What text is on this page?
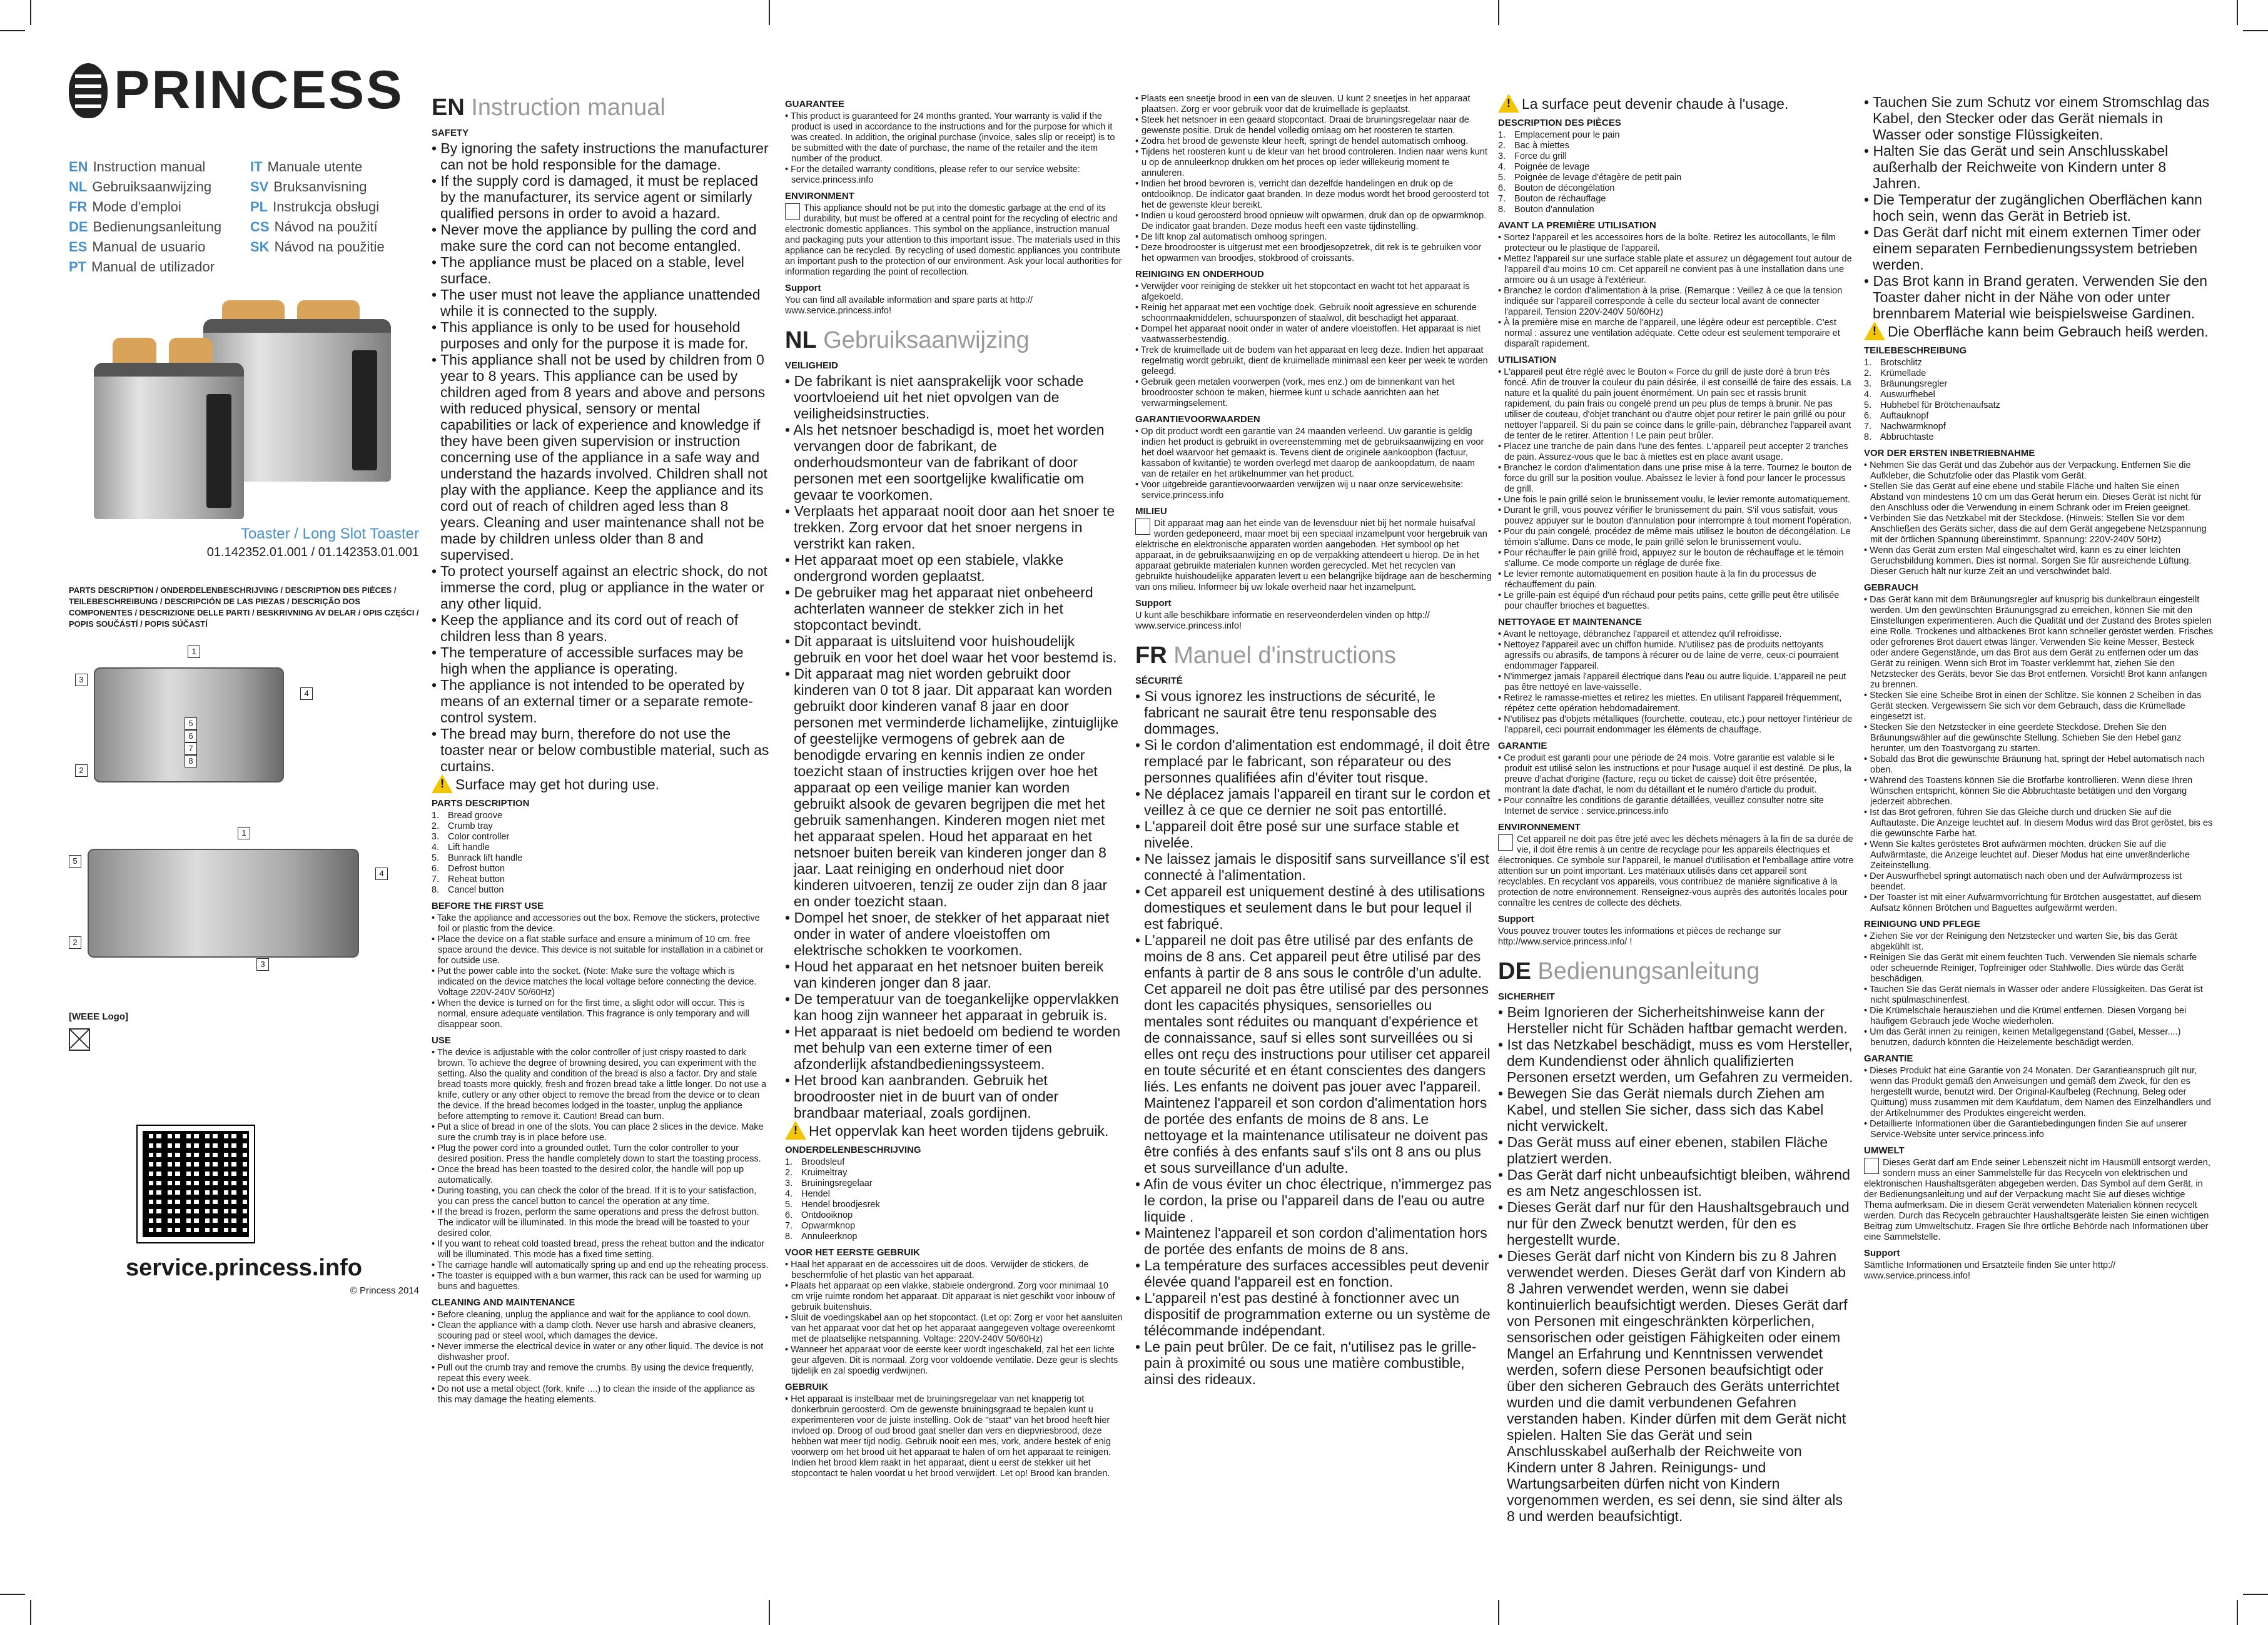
PRINCESS
EN Instruction manual	IT Manuale utente
NL Gebruiksaanwijzing	SV Bruksanvisning
FR Mode d'emploi	PL Instrukcja obsługi
DE Bedienungsanleitung	CS Návod na použití
ES Manual de usuario	SK Návod na použitie
PT Manual de utilizador
Toaster / Long Slot Toaster
01.142352.01.001 / 01.142353.01.001
PARTS DESCRIPTION / ONDERDELENBESCHRIJVING / DESCRIPTION DES PIÈCES / TEILEBESCHREIBUNG / DESCRIPCIÓN DE LAS PIEZAS / DESCRIÇÃO DOS COMPONENTES / DESCRIZIONE DELLE PARTI / BESKRIVNING AV DELAR / OPIS CZĘŚCI / POPIS SOUČÁSTÍ / POPIS SÚČASTÍ
1
3
4
2
5
6
7
8
1
5
4
2
3
[WEEE Logo]
service.princess.info
© Princess 2014
EN Instruction manual
SAFETY
• By ignoring the safety instructions the manufacturer can not be hold responsible for the damage.
• If the supply cord is damaged, it must be replaced by the manufacturer, its service agent or similarly qualified persons in order to avoid a hazard.
• Never move the appliance by pulling the cord and make sure the cord can not become entangled.
• The appliance must be placed on a stable, level surface.
• The user must not leave the appliance unattended while it is connected to the supply.
• This appliance is only to be used for household purposes and only for the purpose it is made for.
• This appliance shall not be used by children from 0 year to 8 years. This appliance can be used by children aged from 8 years and above and persons with reduced physical, sensory or mental capabilities or lack of experience and knowledge if they have been given supervision or instruction concerning use of the appliance in a safe way and understand the hazards involved. Children shall not play with the appliance. Keep the appliance and its cord out of reach of children aged less than 8 years. Cleaning and user maintenance shall not be made by children unless older than 8 and supervised.
• To protect yourself against an electric shock, do not immerse the cord, plug or appliance in the water or any other liquid.
• Keep the appliance and its cord out of reach of children less than 8 years.
• The temperature of accessible surfaces may be high when the appliance is operating.
• The appliance is not intended to be operated by means of an external timer or a separate remote-control system.
• The bread may burn, therefore do not use the toaster near or below combustible material, such as curtains.
!
Surface may get hot during use.
PARTS DESCRIPTION
1. Bread groove
2. Crumb tray
3. Color controller
4. Lift handle
5. Bunrack lift handle
6. Defrost button
7. Reheat button
8. Cancel button
BEFORE THE FIRST USE
• Take the appliance and accessories out the box. Remove the stickers, protective foil or plastic from the device.
• Place the device on a flat stable surface and ensure a minimum of 10 cm. free space around the device. This device is not suitable for installation in a cabinet or for outside use.
• Put the power cable into the socket. (Note: Make sure the voltage which is indicated on the device matches the local voltage before connecting the device. Voltage 220V-240V 50/60Hz)
• When the device is turned on for the first time, a slight odor will occur. This is normal, ensure adequate ventilation. This fragrance is only temporary and will disappear soon.
USE
• The device is adjustable with the color controller of just crispy roasted to dark brown. To achieve the degree of browning desired, you can experiment with the setting. Also the quality and condition of the bread is also a factor. Dry and stale bread toasts more quickly, fresh and frozen bread take a little longer. Do not use a knife, cutlery or any other object to remove the bread from the device or to clean the device. If the bread becomes lodged in the toaster, unplug the appliance before attempting to remove it. Caution! Bread can burn.
• Put a slice of bread in one of the slots. You can place 2 slices in the device. Make sure the crumb tray is in place before use.
• Plug the power cord into a grounded outlet. Turn the color controller to your desired position. Press the handle completely down to start the toasting process.
• Once the bread has been toasted to the desired color, the handle will pop up automatically.
• During toasting, you can check the color of the bread. If it is to your satisfaction, you can press the cancel button to cancel the operation at any time.
• If the bread is frozen, perform the same operations and press the defrost button. The indicator will be illuminated. In this mode the bread will be toasted to your desired color.
• If you want to reheat cold toasted bread, press the reheat button and the indicator will be illuminated. This mode has a fixed time setting.
• The carriage handle will automatically spring up and end up the reheating process.
• The toaster is equipped with a bun warmer, this rack can be used for warming up buns and baguettes.
CLEANING AND MAINTENANCE
• Before cleaning, unplug the appliance and wait for the appliance to cool down.
• Clean the appliance with a damp cloth. Never use harsh and abrasive cleaners, scouring pad or steel wool, which damages the device.
• Never immerse the electrical device in water or any other liquid. The device is not dishwasher proof.
• Pull out the crumb tray and remove the crumbs. By using the device frequently, repeat this every week.
• Do not use a metal object (fork, knife ....) to clean the inside of the appliance as this may damage the heating elements.
GUARANTEE
• This product is guaranteed for 24 months granted. Your warranty is valid if the product is used in accordance to the instructions and for the purpose for which it was created. In addition, the original purchase (invoice, sales slip or receipt) is to be submitted with the date of purchase, the name of the retailer and the item number of the product.
• For the detailed warranty conditions, please refer to our service website: service.princess.info
ENVIRONMENT

This appliance should not be put into the domestic garbage at the end of its durability, but must be offered at a central point for the recycling of electric and electronic domestic appliances. This symbol on the appliance, instruction manual and packaging puts your attention to this important issue. The materials used in this appliance can be recycled. By recycling of used domestic appliances you contribute an important push to the protection of our environment. Ask your local authorities for information regarding the point of recollection.

Support

You can find all available information and spare parts at http:// www.service.princess.info!

NL Gebruiksaanwijzing
VEILIGHEID
• De fabrikant is niet aansprakelijk voor schade voortvloeiend uit het niet opvolgen van de veiligheidsinstructies.
• Als het netsnoer beschadigd is, moet het worden vervangen door de fabrikant, de onderhoudsmonteur van de fabrikant of door personen met een soortgelijke kwalificatie om gevaar te voorkomen.
• Verplaats het apparaat nooit door aan het snoer te trekken. Zorg ervoor dat het snoer nergens in verstrikt kan raken.
• Het apparaat moet op een stabiele, vlakke ondergrond worden geplaatst.
• De gebruiker mag het apparaat niet onbeheerd achterlaten wanneer de stekker zich in het stopcontact bevindt.
• Dit apparaat is uitsluitend voor huishoudelijk gebruik en voor het doel waar het voor bestemd is.
• Dit apparaat mag niet worden gebruikt door kinderen van 0 tot 8 jaar. Dit apparaat kan worden gebruikt door kinderen vanaf 8 jaar en door personen met verminderde lichamelijke, zintuiglijke of geestelijke vermogens of gebrek aan de benodigde ervaring en kennis indien ze onder toezicht staan of instructies krijgen over hoe het apparaat op een veilige manier kan worden gebruikt alsook de gevaren begrijpen die met het gebruik samenhangen. Kinderen mogen niet met het apparaat spelen. Houd het apparaat en het netsnoer buiten bereik van kinderen jonger dan 8 jaar. Laat reiniging en onderhoud niet door kinderen uitvoeren, tenzij ze ouder zijn dan 8 jaar en onder toezicht staan.
• Dompel het snoer, de stekker of het apparaat niet onder in water of andere vloeistoffen om elektrische schokken te voorkomen.
• Houd het apparaat en het netsnoer buiten bereik van kinderen jonger dan 8 jaar.
• De temperatuur van de toegankelijke oppervlakken kan hoog zijn wanneer het apparaat in gebruik is.
• Het apparaat is niet bedoeld om bediend te worden met behulp van een externe timer of een afzonderlijk afstandbedieningssysteem.
• Het brood kan aanbranden. Gebruik het broodrooster niet in de buurt van of onder brandbaar materiaal, zoals gordijnen.
!
Het oppervlak kan heet worden tijdens gebruik.
ONDERDELENBESCHRIJVING
1. Broodsleuf
2. Kruimeltray
3. Bruiningsregelaar
4. Hendel
5. Hendel broodjesrek
6. Ontdooiknop
7. Opwarmknop
8. Annuleerknop
VOOR HET EERSTE GEBRUIK
• Haal het apparaat en de accessoires uit de doos. Verwijder de stickers, de beschermfolie of het plastic van het apparaat.
• Plaats het apparaat op een vlakke, stabiele ondergrond. Zorg voor minimaal 10 cm vrije ruimte rondom het apparaat. Dit apparaat is niet geschikt voor inbouw of gebruik buitenshuis.
• Sluit de voedingskabel aan op het stopcontact. (Let op: Zorg er voor het aansluiten van het apparaat voor dat het op het apparaat aangegeven voltage overeenkomt met de plaatselijke netspanning. Voltage: 220V-240V 50/60Hz)
• Wanneer het apparaat voor de eerste keer wordt ingeschakeld, zal het een lichte geur afgeven. Dit is normaal. Zorg voor voldoende ventilatie. Deze geur is slechts tijdelijk en zal spoedig verdwijnen.
GEBRUIK
• Het apparaat is instelbaar met de bruiningsregelaar van net knapperig tot donkerbruin geroosterd. Om de gewenste bruiningsgraad te bepalen kunt u experimenteren voor de juiste instelling. Ook de "staat" van het brood heeft hier invloed op. Droog of oud brood gaat sneller dan vers en diepvriesbrood, deze hebben wat meer tijd nodig. Gebruik nooit een mes, vork, andere bestek of enig voorwerp om het brood uit het apparaat te halen of om het apparaat te reinigen. Indien het brood klem raakt in het apparaat, dient u eerst de stekker uit het stopcontact te halen voordat u het brood verwijdert. Let op! Brood kan branden.
• Plaats een sneetje brood in een van de sleuven. U kunt 2 sneetjes in het apparaat plaatsen. Zorg er voor gebruik voor dat de kruimellade is geplaatst.
• Steek het netsnoer in een geaard stopcontact. Draai de bruiningsregelaar naar de gewenste positie. Druk de hendel volledig omlaag om het roosteren te starten.
• Zodra het brood de gewenste kleur heeft, springt de hendel automatisch omhoog.
• Tijdens het roosteren kunt u de kleur van het brood controleren. Indien naar wens kunt u op de annuleerknop drukken om het proces op ieder willekeurig moment te annuleren.
• Indien het brood bevroren is, verricht dan dezelfde handelingen en druk op de ontdooiknop. De indicator gaat branden. In deze modus wordt het brood geroosterd tot het de gewenste kleur bereikt.
• Indien u koud geroosterd brood opnieuw wilt opwarmen, druk dan op de opwarmknop. De indicator gaat branden. Deze modus heeft een vaste tijdinstelling.
• De lift knop zal automatisch omhoog springen.
• Deze broodrooster is uitgerust met een broodjesopzetrek, dit rek is te gebruiken voor het opwarmen van broodjes, stokbrood of croissants.
REINIGING EN ONDERHOUD
• Verwijder voor reiniging de stekker uit het stopcontact en wacht tot het apparaat is afgekoeld.
• Reinig het apparaat met een vochtige doek. Gebruik nooit agressieve en schurende schoonmaakmiddelen, schuursponzen of staalwol, dit beschadigt het apparaat.
• Dompel het apparaat nooit onder in water of andere vloeistoffen. Het apparaat is niet vaatwasserbestendig.
• Trek de kruimellade uit de bodem van het apparaat en leeg deze. Indien het apparaat regelmatig wordt gebruikt, dient de kruimellade minimaal een keer per week te worden geleegd.
• Gebruik geen metalen voorwerpen (vork, mes enz.) om de binnenkant van het broodrooster schoon te maken, hiermee kunt u schade aanrichten aan het verwarmingselement.
GARANTIEVOORWAARDEN
• Op dit product wordt een garantie van 24 maanden verleend. Uw garantie is geldig indien het product is gebruikt in overeenstemming met de gebruiksaanwijzing en voor het doel waarvoor het gemaakt is. Tevens dient de originele aankoopbon (factuur, kassabon of kwitantie) te worden overlegd met daarop de aankoopdatum, de naam van de retailer en het artikelnummer van het product.
• Voor uitgebreide garantievoorwaarden verwijzen wij u naar onze servicewebsite: service.princess.info
MILIEU

Dit apparaat mag aan het einde van de levensduur niet bij het normale huisafval worden gedeponeerd, maar moet bij een speciaal inzamelpunt voor hergebruik van elektrische en elektronische apparaten worden aangeboden. Het symbool op het apparaat, in de gebruiksaanwijzing en op de verpakking attendeert u hierop. De in het apparaat gebruikte materialen kunnen worden gerecycled. Met het recyclen van gebruikte huishoudelijke apparaten levert u een belangrijke bijdrage aan de bescherming van ons milieu. Informeer bij uw lokale overheid naar het inzamelpunt.

Support

U kunt alle beschikbare informatie en reserveonderdelen vinden op http:// www.service.princess.info!

FR Manuel d'instructions
SÉCURITÉ
• Si vous ignorez les instructions de sécurité, le fabricant ne saurait être tenu responsable des dommages.
• Si le cordon d'alimentation est endommagé, il doit être remplacé par le fabricant, son réparateur ou des personnes qualifiées afin d'éviter tout risque.
• Ne déplacez jamais l'appareil en tirant sur le cordon et veillez à ce que ce dernier ne soit pas entortillé.
• L'appareil doit être posé sur une surface stable et nivelée.
• Ne laissez jamais le dispositif sans surveillance s'il est connecté à l'alimentation.
• Cet appareil est uniquement destiné à des utilisations domestiques et seulement dans le but pour lequel il est fabriqué.
• L'appareil ne doit pas être utilisé par des enfants de moins de 8 ans. Cet appareil peut être utilisé par des enfants à partir de 8 ans sous le contrôle d'un adulte. Cet appareil ne doit pas être utilisé par des personnes dont les capacités physiques, sensorielles ou mentales sont réduites ou manquant d'expérience et de connaissance, sauf si elles sont surveillées ou si elles ont reçu des instructions pour utiliser cet appareil en toute sécurité et en étant conscientes des dangers liés. Les enfants ne doivent pas jouer avec l'appareil. Maintenez l'appareil et son cordon d'alimentation hors de portée des enfants de moins de 8 ans. Le nettoyage et la maintenance utilisateur ne doivent pas être confiés à des enfants sauf s'ils ont 8 ans ou plus et sous surveillance d'un adulte.
• Afin de vous éviter un choc électrique, n'immergez pas le cordon, la prise ou l'appareil dans de l'eau ou autre liquide .
• Maintenez l'appareil et son cordon d'alimentation hors de portée des enfants de moins de 8 ans.
• La température des surfaces accessibles peut devenir élevée quand l'appareil est en fonction.
• L'appareil n'est pas destiné à fonctionner avec un dispositif de programmation externe ou un système de télécommande indépendant.
• Le pain peut brûler. De ce fait, n'utilisez pas le grille-pain à proximité ou sous une matière combustible, ainsi des rideaux.
!
La surface peut devenir chaude à l'usage.
DESCRIPTION DES PIÈCES
1. Emplacement pour le pain
2. Bac à miettes
3. Force du grill
4. Poignée de levage
5. Poignée de levage d'étagère de petit pain
6. Bouton de décongélation
7. Bouton de réchauffage
8. Bouton d'annulation
AVANT LA PREMIÈRE UTILISATION
• Sortez l'appareil et les accessoires hors de la boîte. Retirez les autocollants, le film protecteur ou le plastique de l'appareil.
• Mettez l'appareil sur une surface stable plate et assurez un dégagement tout autour de l'appareil d'au moins 10 cm. Cet appareil ne convient pas à une installation dans une armoire ou à un usage à l'extérieur.
• Branchez le cordon d'alimentation à la prise. (Remarque : Veillez à ce que la tension indiquée sur l'appareil corresponde à celle du secteur local avant de connecter l'appareil. Tension 220V-240V 50/60Hz)
• À la première mise en marche de l'appareil, une légère odeur est perceptible. C'est normal : assurez une ventilation adéquate. Cette odeur est seulement temporaire et disparaît rapidement.
UTILISATION
• L'appareil peut être réglé avec le Bouton « Force du grill de juste doré à brun très foncé. Afin de trouver la couleur du pain désirée, il est conseillé de faire des essais. La nature et la qualité du pain jouent énormément. Un pain sec et rassis brunit rapidement, du pain frais ou congelé prend un peu plus de temps à brunir. Ne pas utiliser de couteau, d'objet tranchant ou d'autre objet pour retirer le pain grillé ou pour nettoyer l'appareil. Si du pain se coince dans le grille-pain, débranchez l'appareil avant de tenter de le retirer. Attention ! Le pain peut brûler.
• Placez une tranche de pain dans l'une des fentes. L'appareil peut accepter 2 tranches de pain. Assurez-vous que le bac à miettes est en place avant usage.
• Branchez le cordon d'alimentation dans une prise mise à la terre. Tournez le bouton de force du grill sur la position voulue. Abaissez le levier à fond pour lancer le processus de grill.
• Une fois le pain grillé selon le brunissement voulu, le levier remonte automatiquement.
• Durant le grill, vous pouvez vérifier le brunissement du pain. S'il vous satisfait, vous pouvez appuyer sur le bouton d'annulation pour interrompre à tout moment l'opération.
• Pour du pain congelé, procédez de même mais utilisez le bouton de décongélation. Le témoin s'allume. Dans ce mode, le pain grillé selon le brunissement voulu.
• Pour réchauffer le pain grillé froid, appuyez sur le bouton de réchauffage et le témoin s'allume. Ce mode comporte un réglage de durée fixe.
• Le levier remonte automatiquement en position haute à la fin du processus de réchauffement du pain.
• Le grille-pain est équipé d'un réchaud pour petits pains, cette grille peut être utilisée pour chauffer brioches et baguettes.
NETTOYAGE ET MAINTENANCE
• Avant le nettoyage, débranchez l'appareil et attendez qu'il refroidisse.
• Nettoyez l'appareil avec un chiffon humide. N'utilisez pas de produits nettoyants agressifs ou abrasifs, de tampons à récurer ou de laine de verre, ceux-ci pourraient endommager l'appareil.
• N'immergez jamais l'appareil électrique dans l'eau ou autre liquide. L'appareil ne peut pas être nettoyé en lave-vaisselle.
• Retirez le ramasse-miettes et retirez les miettes. En utilisant l'appareil fréquemment, répétez cette opération hebdomadairement.
• N'utilisez pas d'objets métalliques (fourchette, couteau, etc.) pour nettoyer l'intérieur de l'appareil, ceci pourrait endommager les éléments de chauffage.
GARANTIE
• Ce produit est garanti pour une période de 24 mois. Votre garantie est valable si le produit est utilisé selon les instructions et pour l'usage auquel il est destiné. De plus, la preuve d'achat d'origine (facture, reçu ou ticket de caisse) doit être présentée, montrant la date d'achat, le nom du détaillant et le numéro d'article du produit.
• Pour connaître les conditions de garantie détaillées, veuillez consulter notre site Internet de service : service.princess.info
ENVIRONNEMENT

Cet appareil ne doit pas être jeté avec les déchets ménagers à la fin de sa durée de vie, il doit être remis à un centre de recyclage pour les appareils électriques et électroniques. Ce symbole sur l'appareil, le manuel d'utilisation et l'emballage attire votre attention sur un point important. Les matériaux utilisés dans cet appareil sont recyclables. En recyclant vos appareils, vous contribuez de manière significative à la protection de notre environnement. Renseignez-vous auprès des autorités locales pour connaître les centres de collecte des déchets.

Support

Vous pouvez trouver toutes les informations et pièces de rechange sur http://www.service.princess.info/ !

DE Bedienungsanleitung
SICHERHEIT
• Beim Ignorieren der Sicherheitshinweise kann der Hersteller nicht für Schäden haftbar gemacht werden.
• Ist das Netzkabel beschädigt, muss es vom Hersteller, dem Kundendienst oder ähnlich qualifizierten Personen ersetzt werden, um Gefahren zu vermeiden.
• Bewegen Sie das Gerät niemals durch Ziehen am Kabel, und stellen Sie sicher, dass sich das Kabel nicht verwickelt.
• Das Gerät muss auf einer ebenen, stabilen Fläche platziert werden.
• Das Gerät darf nicht unbeaufsichtigt bleiben, während es am Netz angeschlossen ist.
• Dieses Gerät darf nur für den Haushaltsgebrauch und nur für den Zweck benutzt werden, für den es hergestellt wurde.
• Dieses Gerät darf nicht von Kindern bis zu 8 Jahren verwendet werden. Dieses Gerät darf von Kindern ab 8 Jahren verwendet werden, wenn sie dabei kontinuierlich beaufsichtigt werden. Dieses Gerät darf von Personen mit eingeschränkten körperlichen, sensorischen oder geistigen Fähigkeiten oder einem Mangel an Erfahrung und Kenntnissen verwendet werden, sofern diese Personen beaufsichtigt oder über den sicheren Gebrauch des Geräts unterrichtet wurden und die damit verbundenen Gefahren verstanden haben. Kinder dürfen mit dem Gerät nicht spielen. Halten Sie das Gerät und sein Anschlusskabel außerhalb der Reichweite von Kindern unter 8 Jahren. Reinigungs- und Wartungsarbeiten dürfen nicht von Kindern vorgenommen werden, es sei denn, sie sind älter als 8 und werden beaufsichtigt.
• Tauchen Sie zum Schutz vor einem Stromschlag das Kabel, den Stecker oder das Gerät niemals in Wasser oder sonstige Flüssigkeiten.
• Halten Sie das Gerät und sein Anschlusskabel außerhalb der Reichweite von Kindern unter 8 Jahren.
• Die Temperatur der zugänglichen Oberflächen kann hoch sein, wenn das Gerät in Betrieb ist.
• Das Gerät darf nicht mit einem externen Timer oder einem separaten Fernbedienungssystem betrieben werden.
• Das Brot kann in Brand geraten. Verwenden Sie den Toaster daher nicht in der Nähe von oder unter brennbarem Material wie beispielsweise Gardinen.
!
Die Oberfläche kann beim Gebrauch heiß werden.
TEILEBESCHREIBUNG
1. Brotschlitz
2. Krümellade
3. Bräunungsregler
4. Auswurfhebel
5. Hubhebel für Brötchenaufsatz
6. Auftauknopf
7. Nachwärmknopf
8. Abbruchtaste
VOR DER ERSTEN INBETRIEBNAHME
• Nehmen Sie das Gerät und das Zubehör aus der Verpackung. Entfernen Sie die Aufkleber, die Schutzfolie oder das Plastik vom Gerät.
• Stellen Sie das Gerät auf eine ebene und stabile Fläche und halten Sie einen Abstand von mindestens 10 cm um das Gerät herum ein. Dieses Gerät ist nicht für den Anschluss oder die Verwendung in einem Schrank oder im Freien geeignet.
• Verbinden Sie das Netzkabel mit der Steckdose. (Hinweis: Stellen Sie vor dem Anschließen des Geräts sicher, dass die auf dem Gerät angegebene Netzspannung mit der örtlichen Spannung übereinstimmt. Spannung: 220V-240V 50Hz)
• Wenn das Gerät zum ersten Mal eingeschaltet wird, kann es zu einer leichten Geruchsbildung kommen. Dies ist normal. Sorgen Sie für ausreichende Lüftung. Dieser Geruch hält nur kurze Zeit an und verschwindet bald.
GEBRAUCH
• Das Gerät kann mit dem Bräunungsregler auf knusprig bis dunkelbraun eingestellt werden. Um den gewünschten Bräunungsgrad zu erreichen, können Sie mit den Einstellungen experimentieren. Auch die Qualität und der Zustand des Brotes spielen eine Rolle. Trockenes und altbackenes Brot kann schneller geröstet werden. Frisches oder gefrorenes Brot dauert etwas länger. Verwenden Sie keine Messer, Besteck oder andere Gegenstände, um das Brot aus dem Gerät zu entfernen oder um das Gerät zu reinigen. Wenn sich Brot im Toaster verklemmt hat, ziehen Sie den Netzstecker des Geräts, bevor Sie das Brot entfernen. Vorsicht! Brot kann anfangen zu brennen.
• Stecken Sie eine Scheibe Brot in einen der Schlitze. Sie können 2 Scheiben in das Gerät stecken. Vergewissern Sie sich vor dem Gebrauch, dass die Krümellade eingesetzt ist.
• Stecken Sie den Netzstecker in eine geerdete Steckdose. Drehen Sie den Bräunungswähler auf die gewünschte Stellung. Schieben Sie den Hebel ganz herunter, um den Toastvorgang zu starten.
• Sobald das Brot die gewünschte Bräunung hat, springt der Hebel automatisch nach oben.
• Während des Toastens können Sie die Brotfarbe kontrollieren. Wenn diese Ihren Wünschen entspricht, können Sie die Abbruchtaste betätigen und den Vorgang jederzeit abbrechen.
• Ist das Brot gefroren, führen Sie das Gleiche durch und drücken Sie auf die Auftautaste. Die Anzeige leuchtet auf. In diesem Modus wird das Brot geröstet, bis es die gewünschte Farbe hat.
• Wenn Sie kaltes geröstetes Brot aufwärmen möchten, drücken Sie auf die Aufwärmtaste, die Anzeige leuchtet auf. Dieser Modus hat eine unveränderliche Zeiteinstellung.
• Der Auswurfhebel springt automatisch nach oben und der Aufwärmprozess ist beendet.
• Der Toaster ist mit einer Aufwärmvorrichtung für Brötchen ausgestattet, auf diesem Aufsatz können Brötchen und Baguettes aufgewärmt werden.
REINIGUNG UND PFLEGE
• Ziehen Sie vor der Reinigung den Netzstecker und warten Sie, bis das Gerät abgekühlt ist.
• Reinigen Sie das Gerät mit einem feuchten Tuch. Verwenden Sie niemals scharfe oder scheuernde Reiniger, Topfreiniger oder Stahlwolle. Dies würde das Gerät beschädigen.
• Tauchen Sie das Gerät niemals in Wasser oder andere Flüssigkeiten. Das Gerät ist nicht spülmaschinenfest.
• Die Krümelschale herausziehen und die Krümel entfernen. Diesen Vorgang bei häufigem Gebrauch jede Woche wiederholen.
• Um das Gerät innen zu reinigen, keinen Metallgegenstand (Gabel, Messer....) benutzen, dadurch könnten die Heizelemente beschädigt werden.
GARANTIE
• Dieses Produkt hat eine Garantie von 24 Monaten. Der Garantieanspruch gilt nur, wenn das Produkt gemäß den Anweisungen und gemäß dem Zweck, für den es hergestellt wurde, benutzt wird. Der Original-Kaufbeleg (Rechnung, Beleg oder Quittung) muss zusammen mit dem Kaufdatum, dem Namen des Einzelhändlers und der Artikelnummer des Produktes eingereicht werden.
• Detaillierte Informationen über die Garantiebedingungen finden Sie auf unserer Service-Website unter service.princess.info
UMWELT

Dieses Gerät darf am Ende seiner Lebenszeit nicht im Hausmüll entsorgt werden, sondern muss an einer Sammelstelle für das Recyceln von elektrischen und elektronischen Haushaltsgeräten abgegeben werden. Das Symbol auf dem Gerät, in der Bedienungsanleitung und auf der Verpackung macht Sie auf dieses wichtige Thema aufmerksam. Die in diesem Gerät verwendeten Materialien können recycelt werden. Durch das Recyceln gebrauchter Haushaltsgeräte leisten Sie einen wichtigen Beitrag zum Umweltschutz. Fragen Sie Ihre örtliche Behörde nach Informationen über eine Sammelstelle.

Support

Sämtliche Informationen und Ersatzteile finden Sie unter http:// www.service.princess.info!
